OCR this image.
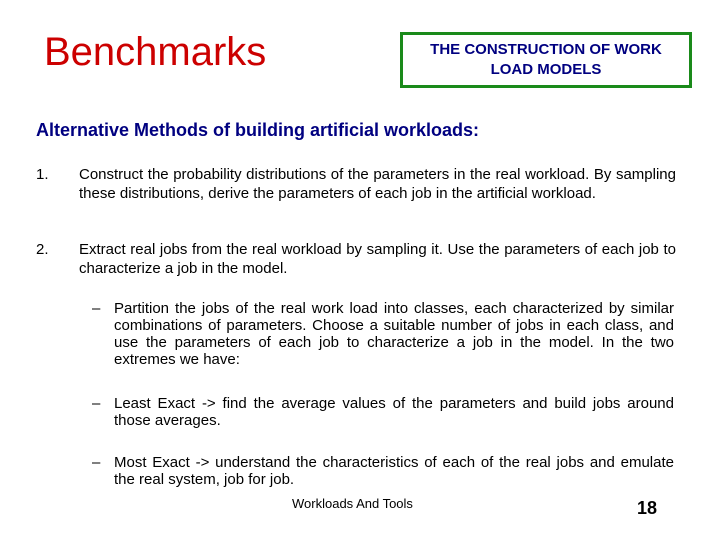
Benchmarks	THE CONSTRUCTION OF WORK LOAD MODELS
Alternative Methods of building artificial workloads:
1. Construct the probability distributions of the parameters in the real workload. By sampling these distributions, derive the parameters of each job in the artificial workload.
2. Extract real jobs from the real workload by sampling it. Use the parameters of each job to characterize a job in the model.
– Partition the jobs of the real work load into classes, each characterized by similar combinations of parameters. Choose a suitable number of jobs in each class, and use the parameters of each job to characterize a job in the model. In the two extremes we have:
– Least Exact -> find the average values of the parameters and build jobs around those averages.
– Most Exact -> understand the characteristics of each of the real jobs and emulate the real system, job for job.
Workloads And Tools	18
